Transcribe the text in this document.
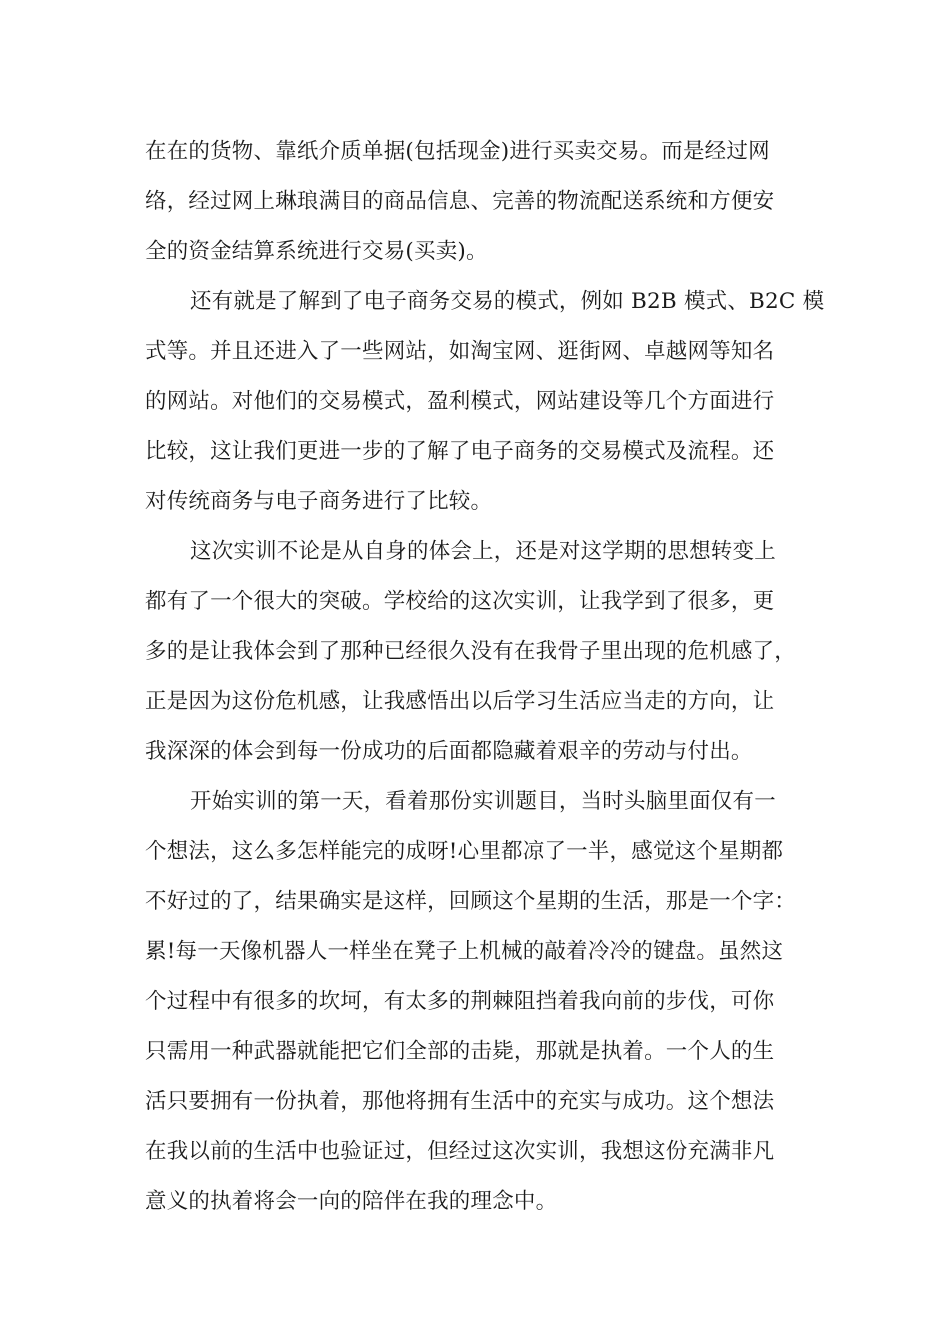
在在的货物、靠纸介质单据(包括现金)进行买卖交易。而是经过网
络，经过网上琳琅满目的商品信息、完善的物流配送系统和方便安
全的资金结算系统进行交易(买卖)。
还有就是了解到了电子商务交易的模式，例如 B2B 模式、B2C 模
式等。并且还进入了一些网站，如淘宝网、逛街网、卓越网等知名
的网站。对他们的交易模式，盈利模式，网站建设等几个方面进行
比较，这让我们更进一步的了解了电子商务的交易模式及流程。还
对传统商务与电子商务进行了比较。
这次实训不论是从自身的体会上，还是对这学期的思想转变上
都有了一个很大的突破。学校给的这次实训，让我学到了很多，更
多的是让我体会到了那种已经很久没有在我骨子里出现的危机感了，
正是因为这份危机感，让我感悟出以后学习生活应当走的方向，让
我深深的体会到每一份成功的后面都隐藏着艰辛的劳动与付出。
开始实训的第一天，看着那份实训题目，当时头脑里面仅有一
个想法，这么多怎样能完的成呀!心里都凉了一半，感觉这个星期都
不好过的了，结果确实是这样，回顾这个星期的生活，那是一个字：
累!每一天像机器人一样坐在凳子上机械的敲着冷冷的键盘。虽然这
个过程中有很多的坎坷，有太多的荆棘阻挡着我向前的步伐，可你
只需用一种武器就能把它们全部的击毙，那就是执着。一个人的生
活只要拥有一份执着，那他将拥有生活中的充实与成功。这个想法
在我以前的生活中也验证过，但经过这次实训，我想这份充满非凡
意义的执着将会一向的陪伴在我的理念中。
